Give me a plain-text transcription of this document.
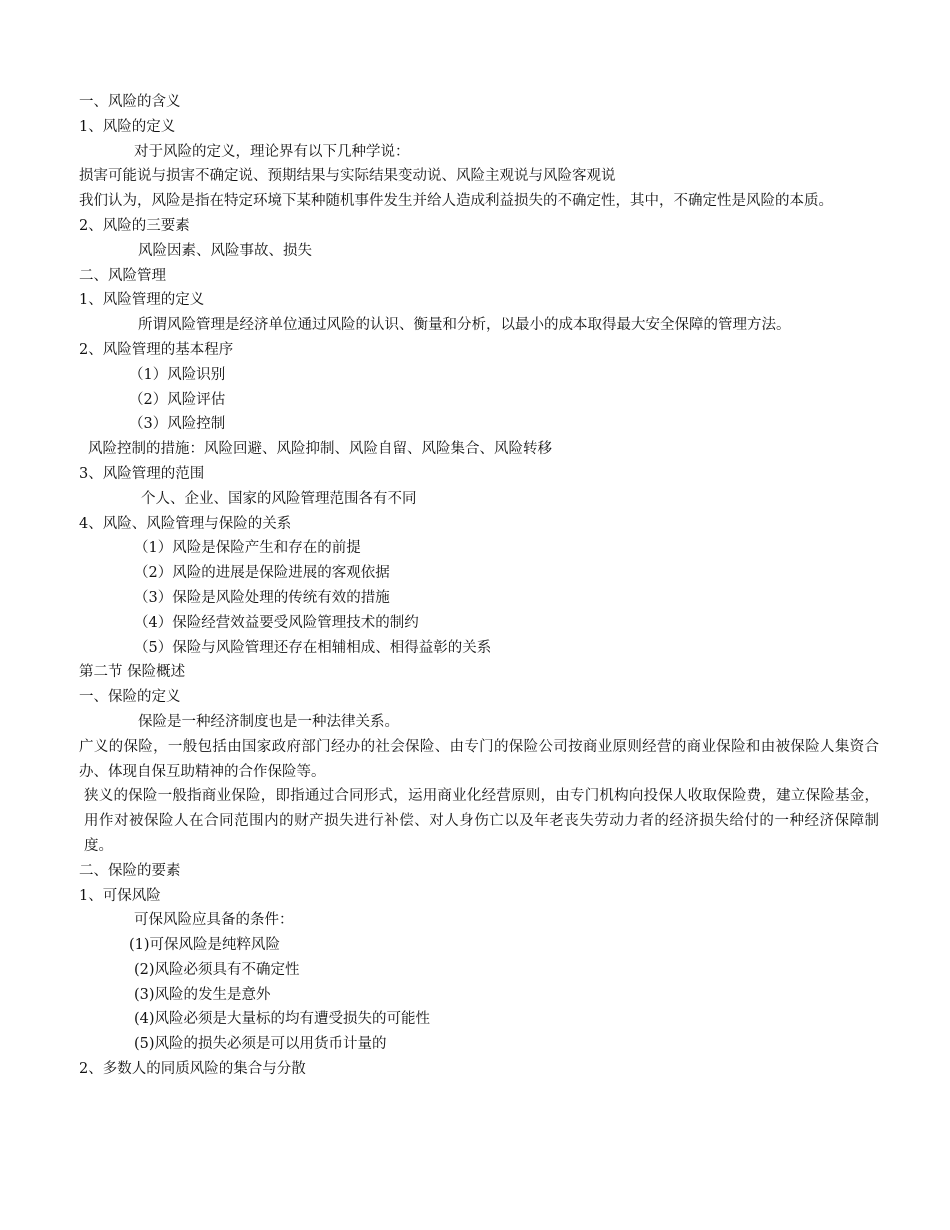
一、风险的含义
1、风险的定义
对于风险的定义，理论界有以下几种学说：
损害可能说与损害不确定说、预期结果与实际结果变动说、风险主观说与风险客观说
我们认为，风险是指在特定环境下某种随机事件发生并给人造成利益损失的不确定性，其中，不确定性是风险的本质。
2、风险的三要素
风险因素、风险事故、损失
二、风险管理
1、风险管理的定义
所谓风险管理是经济单位通过风险的认识、衡量和分析，以最小的成本取得最大安全保障的管理方法。
2、风险管理的基本程序
（1）风险识别
（2）风险评估
（3）风险控制
风险控制的措施：风险回避、风险抑制、风险自留、风险集合、风险转移
3、风险管理的范围
个人、企业、国家的风险管理范围各有不同
4、风险、风险管理与保险的关系
（1）风险是保险产生和存在的前提
（2）风险的进展是保险进展的客观依据
（3）保险是风险处理的传统有效的措施
（4）保险经营效益要受风险管理技术的制约
（5）保险与风险管理还存在相辅相成、相得益彰的关系
第二节 保险概述
一、保险的定义
保险是一种经济制度也是一种法律关系。
广义的保险，一般包括由国家政府部门经办的社会保险、由专门的保险公司按商业原则经营的商业保险和由被保险人集资合办、体现自保互助精神的合作保险等。
狭义的保险一般指商业保险，即指通过合同形式，运用商业化经营原则，由专门机构向投保人收取保险费，建立保险基金，用作对被保险人在合同范围内的财产损失进行补偿、对人身伤亡以及年老丧失劳动力者的经济损失给付的一种经济保障制度。
二、保险的要素
1、可保风险
可保风险应具备的条件：
(1)可保风险是纯粹风险
(2)风险必须具有不确定性
(3)风险的发生是意外
(4)风险必须是大量标的均有遭受损失的可能性
(5)风险的损失必须是可以用货币计量的
2、多数人的同质风险的集合与分散
